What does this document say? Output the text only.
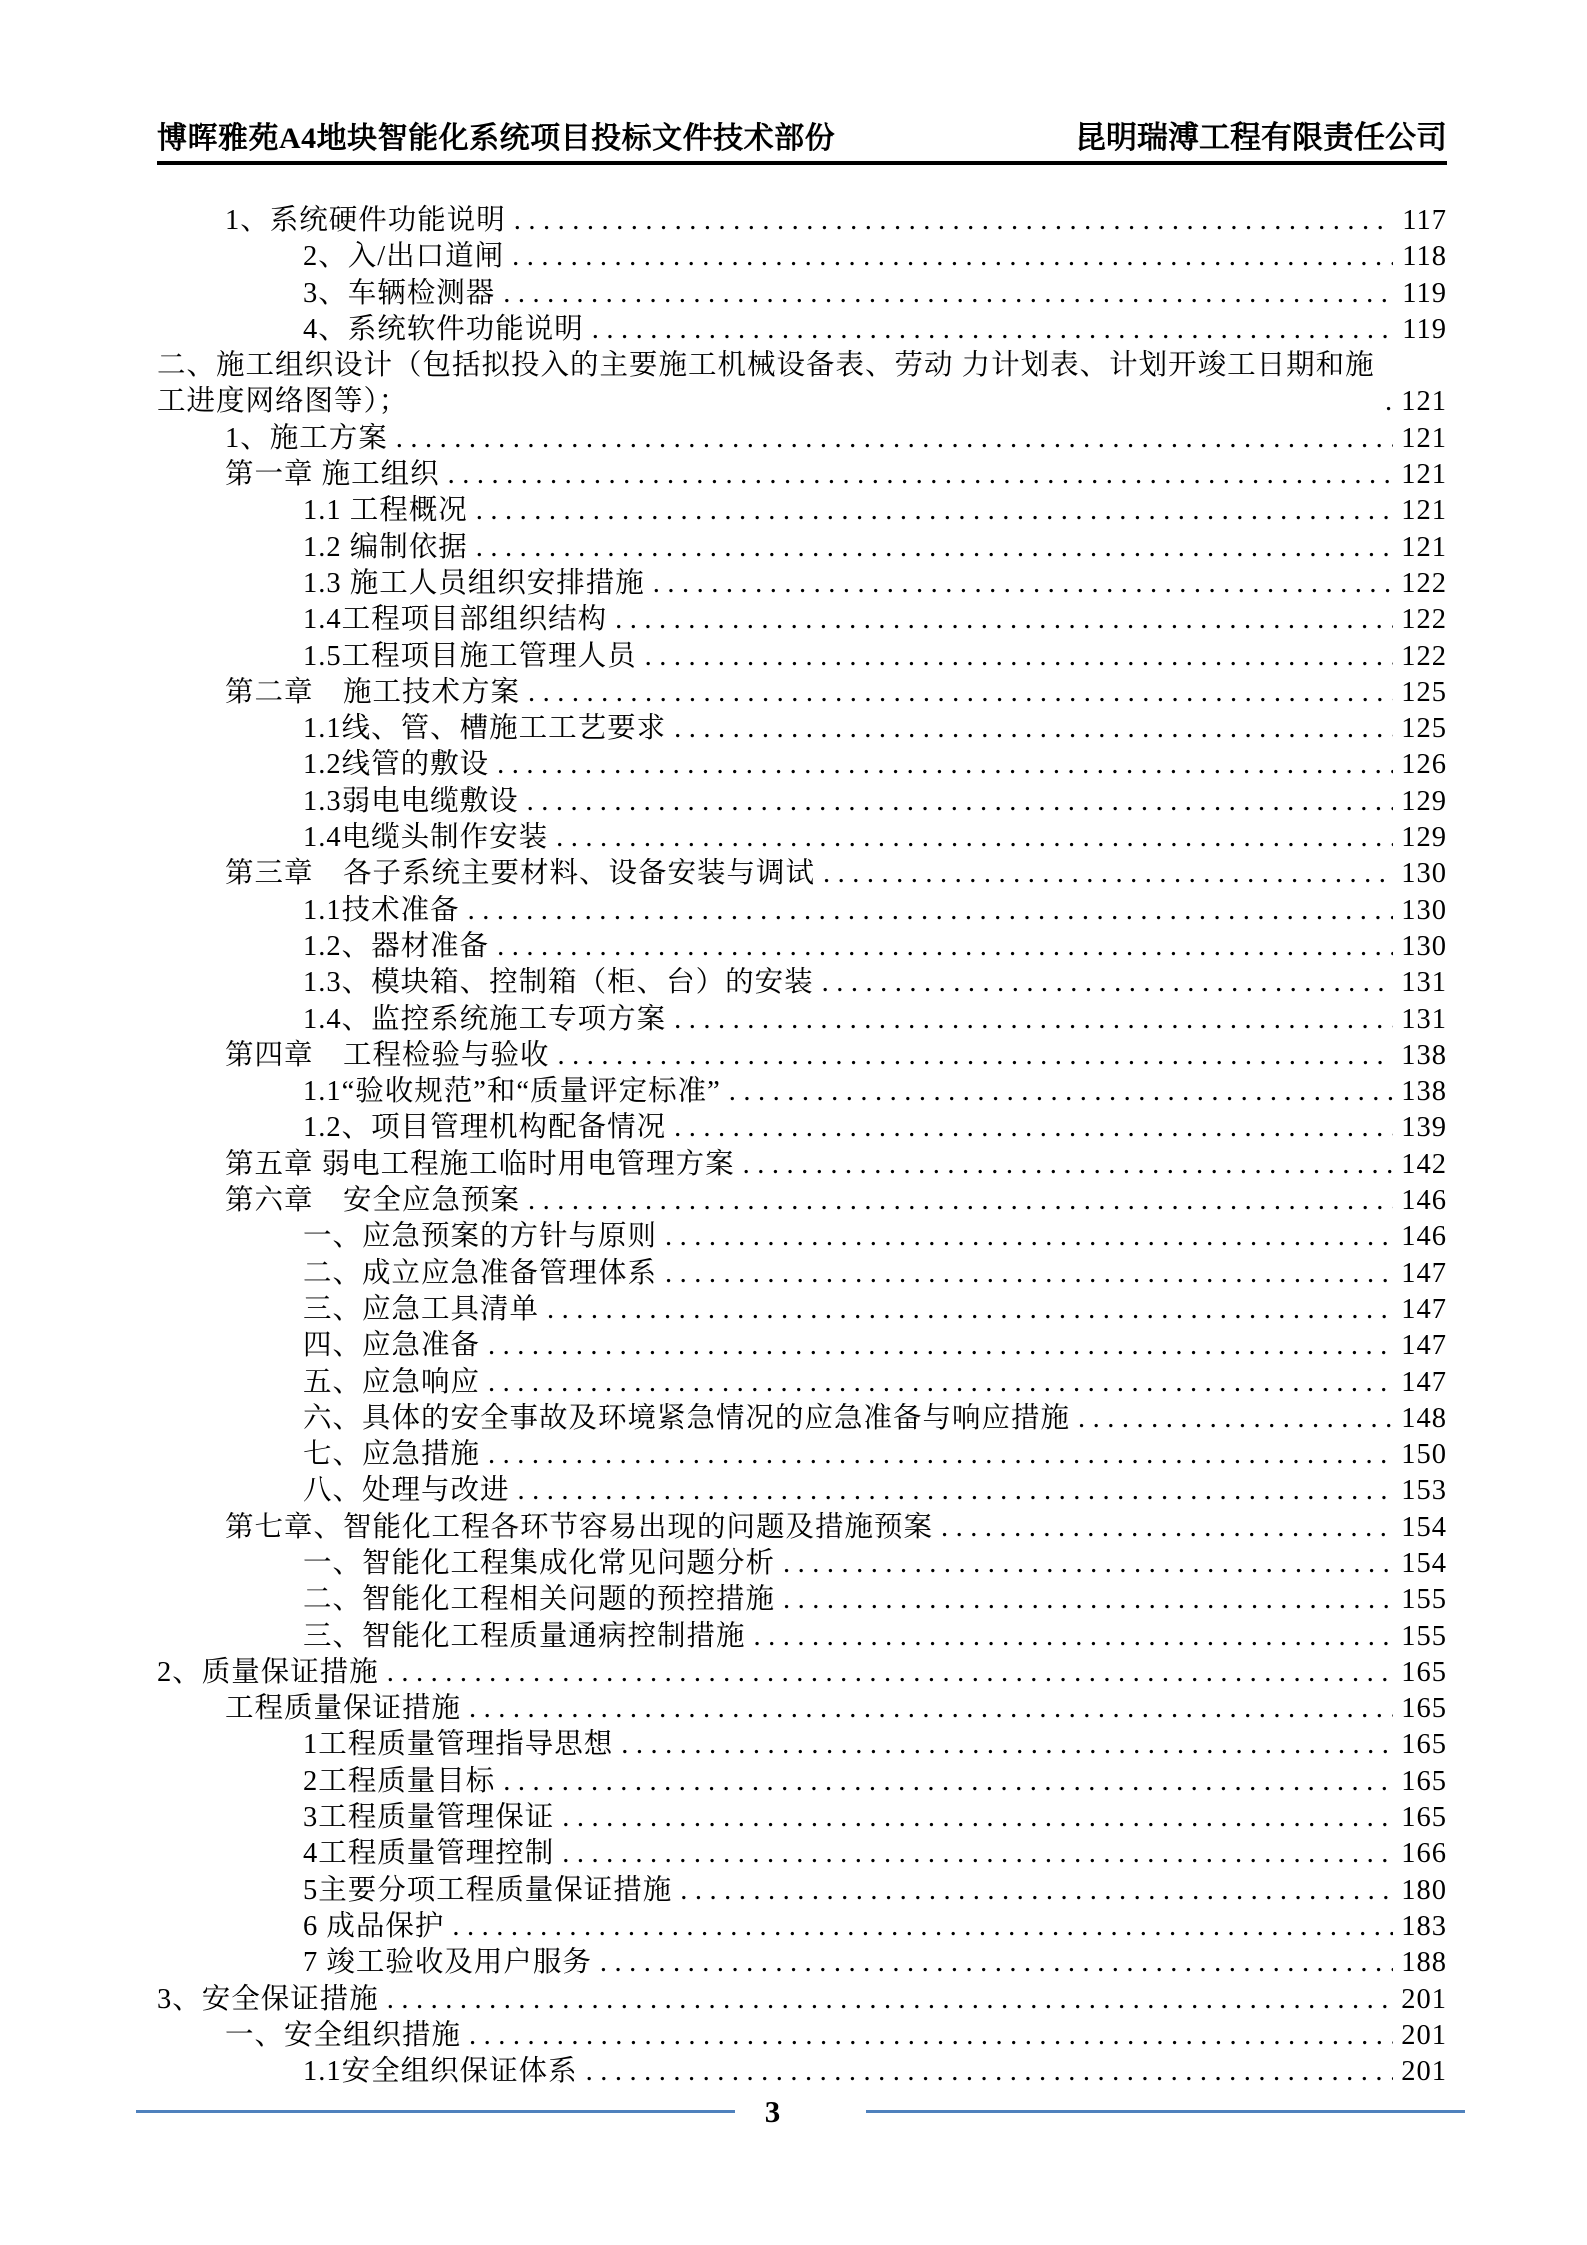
博晖雅苑A4地块智能化系统项目投标文件技术部份	昆明瑞溥工程有限责任公司
1、系统硬件功能说明 .....	117
2、入/出口道闸 .....	118
3、车辆检测器 .....	119
4、系统软件功能说明 .....	119
二、施工组织设计（包括拟投入的主要施工机械设备表、劳动 力计划表、计划开竣工日期和施工进度网络图等）； .....	121
1、施工方案 .....	121
第一章 施工组织 .....	121
1.1 工程概况 .....	121
1.2 编制依据 .....	121
1.3 施工人员组织安排措施 .....	122
1.4工程项目部组织结构 .....	122
1.5工程项目施工管理人员 .....	122
第二章　施工技术方案 .....	125
1.1线、管、槽施工工艺要求 .....	125
1.2线管的敷设 .....	126
1.3弱电电缆敷设 .....	129
1.4电缆头制作安装 .....	129
第三章　各子系统主要材料、设备安装与调试 .....	130
1.1技术准备 .....	130
1.2、器材准备 .....	130
1.3、模块箱、控制箱（柜、台）的安装 .....	131
1.4、监控系统施工专项方案 .....	131
第四章　工程检验与验收 .....	138
1.1“验收规范”和“质量评定标准” .....	138
1.2、项目管理机构配备情况 .....	139
第五章 弱电工程施工临时用电管理方案 .....	142
第六章　安全应急预案 .....	146
一、应急预案的方针与原则 .....	146
二、成立应急准备管理体系 .....	147
三、应急工具清单 .....	147
四、应急准备 .....	147
五、应急响应 .....	147
六、具体的安全事故及环境紧急情况的应急准备与响应措施 .....	148
七、应急措施 .....	150
八、处理与改进 .....	153
第七章、智能化工程各环节容易出现的问题及措施预案 .....	154
一、智能化工程集成化常见问题分析 .....	154
二、智能化工程相关问题的预控措施 .....	155
三、智能化工程质量通病控制措施 .....	155
2、质量保证措施 .....	165
工程质量保证措施 .....	165
1工程质量管理指导思想 .....	165
2工程质量目标 .....	165
3工程质量管理保证 .....	165
4工程质量管理控制 .....	166
5主要分项工程质量保证措施 .....	180
6 成品保护 .....	183
7 竣工验收及用户服务 .....	188
3、安全保证措施 .....	201
一、安全组织措施 .....	201
1.1安全组织保证体系 .....	201
3
